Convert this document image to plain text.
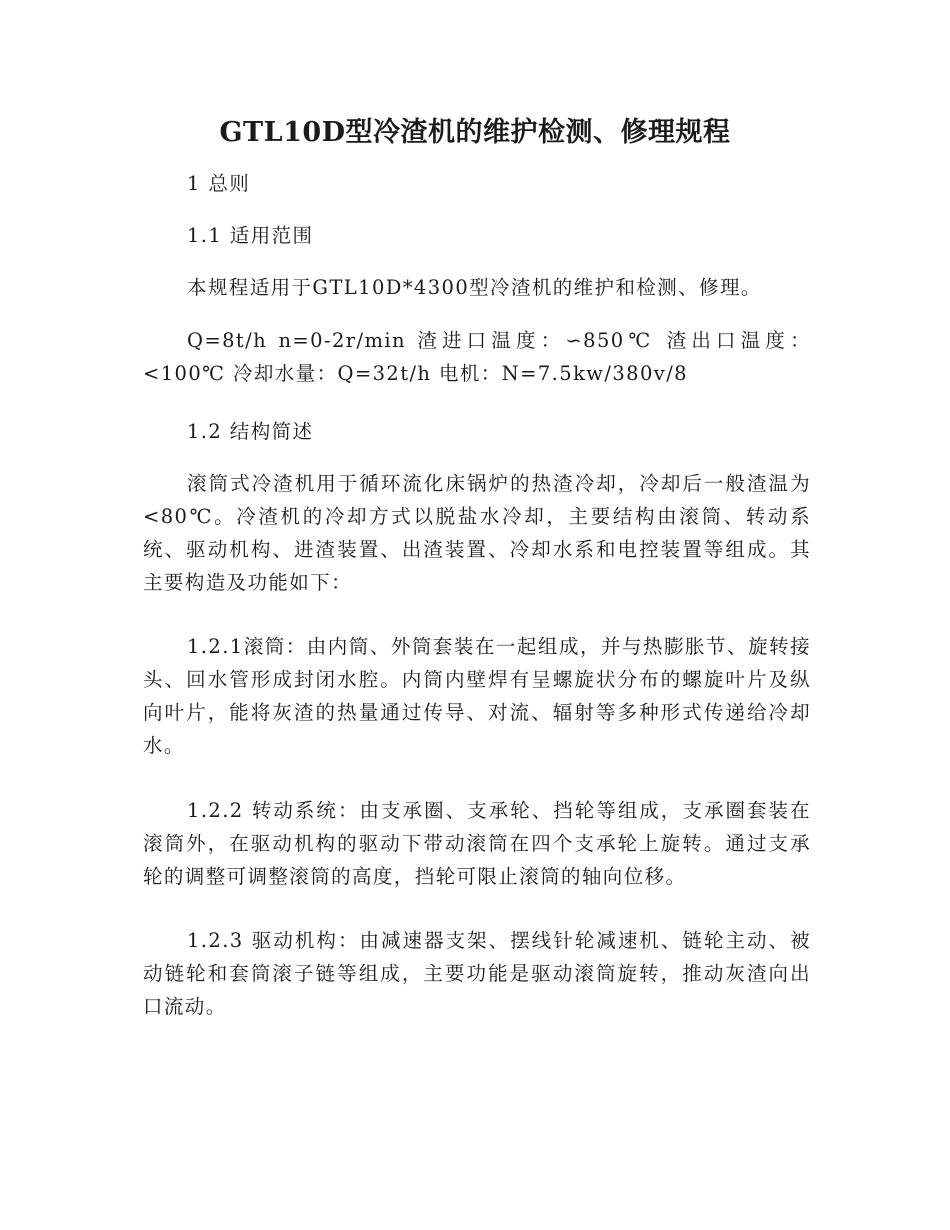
GTL10D型冷渣机的维护检测、修理规程

1 总则

1.1 适用范围

本规程适用于GTL10D*4300型冷渣机的维护和检测、修理。

Q=8t/h n=0-2r/min 渣进口温度：∽850℃ 渣出口温度：<100℃ 冷却水量：Q=32t/h 电机：N=7.5kw/380v/8

1.2 结构简述

滚筒式冷渣机用于循环流化床锅炉的热渣冷却，冷却后一般渣温为<80℃。冷渣机的冷却方式以脱盐水冷却，主要结构由滚筒、转动系统、驱动机构、进渣装置、出渣装置、冷却水系和电控装置等组成。其主要构造及功能如下：

1.2.1滚筒：由内筒、外筒套装在一起组成，并与热膨胀节、旋转接头、回水管形成封闭水腔。内筒内壁焊有呈螺旋状分布的螺旋叶片及纵向叶片，能将灰渣的热量通过传导、对流、辐射等多种形式传递给冷却水。

1.2.2 转动系统：由支承圈、支承轮、挡轮等组成，支承圈套装在滚筒外，在驱动机构的驱动下带动滚筒在四个支承轮上旋转。通过支承轮的调整可调整滚筒的高度，挡轮可限止滚筒的轴向位移。

1.2.3 驱动机构：由减速器支架、摆线针轮减速机、链轮主动、被动链轮和套筒滚子链等组成，主要功能是驱动滚筒旋转，推动灰渣向出口流动。
